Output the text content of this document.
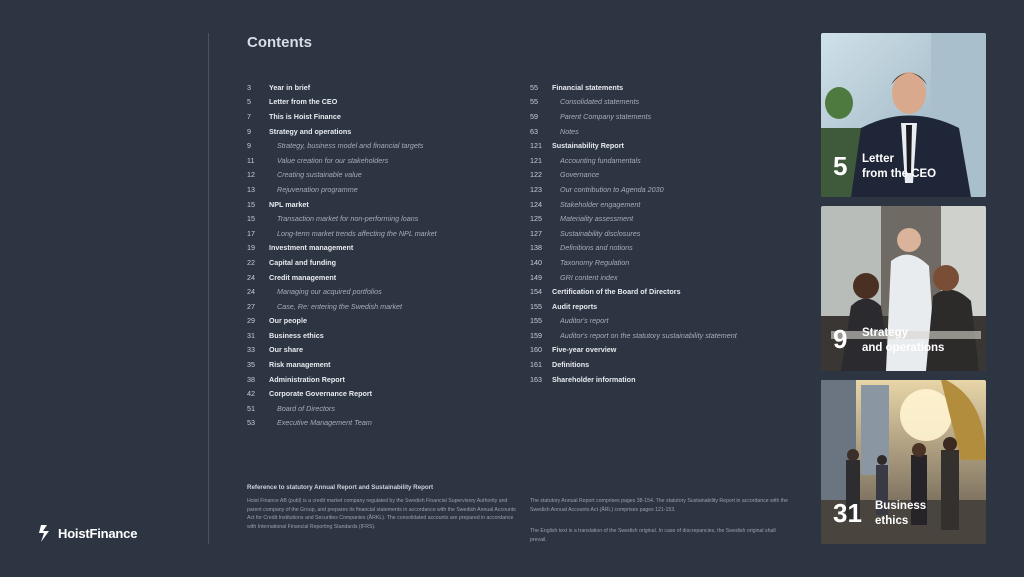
HoistFinance
Contents
3	Year in brief
5	Letter from the CEO
7	This is Hoist Finance
9	Strategy and operations
9	Strategy, business model and financial targets
11	Value creation for our stakeholders
12	Creating sustainable value
13	Rejuvenation programme
15	NPL market
15	Transaction market for non-performing loans
17	Long-term market trends affecting the NPL market
19	Investment management
22	Capital and funding
24	Credit management
24	Managing our acquired portfolios
27	Case, Re: entering the Swedish market
29	Our people
31	Business ethics
33	Our share
35	Risk management
38	Administration Report
42	Corporate Governance Report
51	Board of Directors
53	Executive Management Team
55	Financial statements
55	Consolidated statements
59	Parent Company statements
63	Notes
121	Sustainability Report
121	Accounting fundamentals
122	Governance
123	Our contribution to Agenda 2030
124	Stakeholder engagement
125	Materiality assessment
127	Sustainability disclosures
138	Definitions and notions
140	Taxonomy Regulation
149	GRI content index
154	Certification of the Board of Directors
155	Audit reports
155	Auditor's report
159	Auditor's report on the statutory sustainability statement
160	Five-year overview
161	Definitions
163	Shareholder information
Reference to statutory Annual Report and Sustainability Report
Hoist Finance AB (publ) is a credit market company regulated by the Swedish Financial Supervisory Authority and parent company of the Group, and prepares its financial statements in accordance with the Swedish Annual Accounts Act for Credit Institutions and Securities Companies (ÅRKL). The consolidated accounts are prepared in accordance with International Financial Reporting Standards (IFRS).
The statutory Annual Report comprises pages 38-154. The statutory Sustainability Report in accordance with the Swedish Annual Accounts Act (ÅRL) comprises pages 121-153.
The English text is a translation of the Swedish original. In case of discrepancies, the Swedish original shall prevail.
5 Letter
from the CEO
9 Strategy
and operations
31 Business
ethics
